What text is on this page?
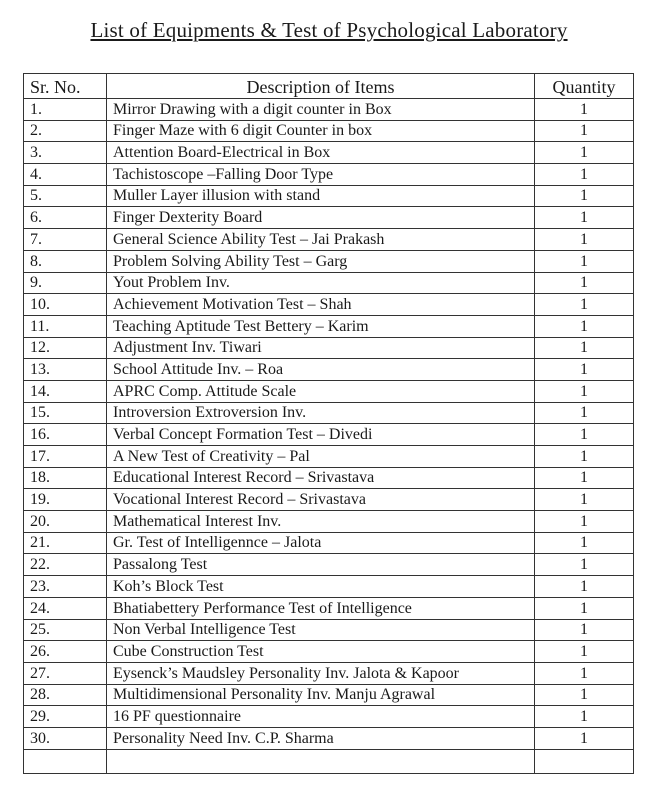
List of Equipments & Test of Psychological Laboratory
Sr. No.	Description of Items	Quantity
1.	Mirror Drawing with a digit counter in Box	1
2.	Finger Maze with 6 digit Counter in box	1
3.	Attention Board-Electrical in Box	1
4.	Tachistoscope –Falling Door Type	1
5.	Muller Layer illusion with stand	1
6.	Finger Dexterity Board	1
7.	General Science Ability Test – Jai Prakash	1
8.	Problem Solving Ability Test – Garg	1
9.	Yout Problem Inv.	1
10.	Achievement Motivation Test – Shah	1
11.	Teaching Aptitude Test Bettery – Karim	1
12.	Adjustment Inv. Tiwari	1
13.	School Attitude Inv. – Roa	1
14.	APRC Comp. Attitude Scale	1
15.	Introversion Extroversion Inv.	1
16.	Verbal Concept Formation Test – Divedi	1
17.	A New Test of Creativity – Pal	1
18.	Educational Interest Record – Srivastava	1
19.	Vocational Interest Record – Srivastava	1
20.	Mathematical Interest Inv.	1
21.	Gr. Test of Intelligennce – Jalota	1
22.	Passalong Test	1
23.	Koh’s Block Test	1
24.	Bhatiabettery Performance Test of Intelligence	1
25.	Non Verbal Intelligence Test	1
26.	Cube Construction Test	1
27.	Eysenck’s Maudsley Personality Inv. Jalota & Kapoor	1
28.	Multidimensional Personality Inv. Manju Agrawal	1
29.	16 PF questionnaire	1
30.	Personality Need Inv. C.P. Sharma	1
